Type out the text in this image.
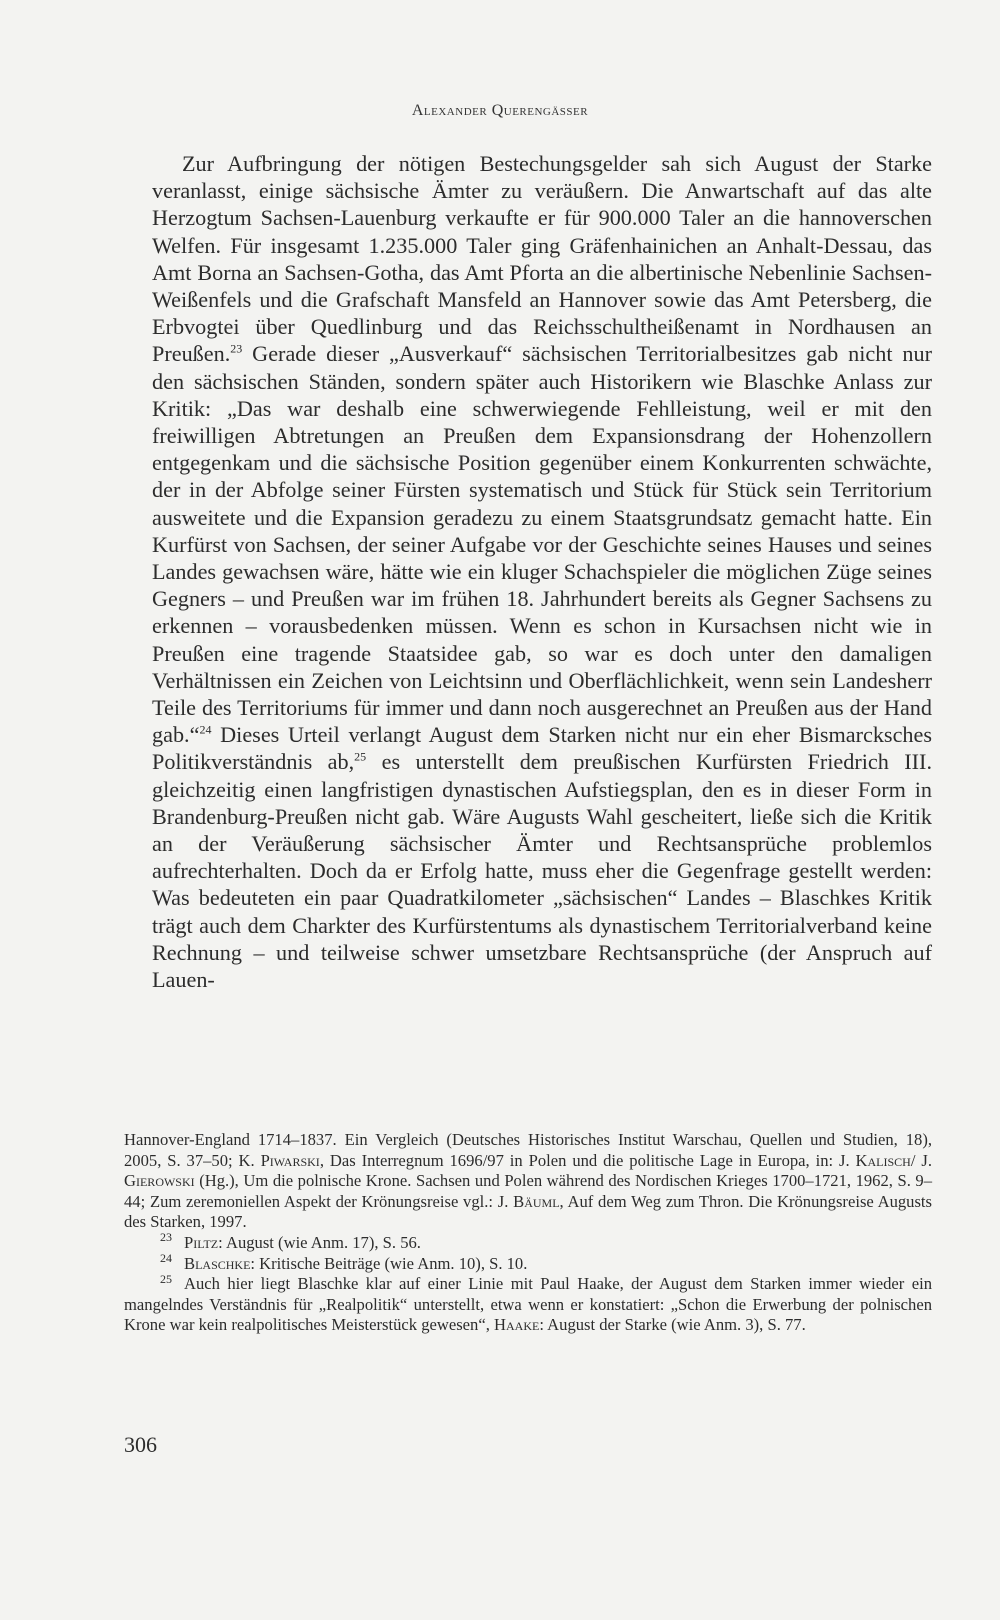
Alexander Querengässer

Zur Aufbringung der nötigen Bestechungsgelder sah sich August der Starke veranlasst, einige sächsische Ämter zu veräußern. Die Anwartschaft auf das alte Herzogtum Sachsen-Lauenburg verkaufte er für 900.000 Taler an die hannoverschen Welfen. Für insgesamt 1.235.000 Taler ging Gräfenhainichen an Anhalt-Dessau, das Amt Borna an Sachsen-Gotha, das Amt Pforta an die albertinische Nebenlinie Sachsen-Weißenfels und die Grafschaft Mansfeld an Hannover sowie das Amt Petersberg, die Erbvogtei über Quedlinburg und das Reichsschultheißenamt in Nordhausen an Preußen.$^{23}$ Gerade dieser „Ausverkauf“ sächsischen Territorialbesitzes gab nicht nur den sächsischen Ständen, sondern später auch Historikern wie Blaschke Anlass zur Kritik: „Das war deshalb eine schwerwiegende Fehlleistung, weil er mit den freiwilligen Abtretungen an Preußen dem Expansionsdrang der Hohenzollern entgegenkam und die sächsische Position gegenüber einem Konkurrenten schwächte, der in der Abfolge seiner Fürsten systematisch und Stück für Stück sein Territorium ausweitete und die Expansion geradezu zu einem Staatsgrundsatz gemacht hatte. Ein Kurfürst von Sachsen, der seiner Aufgabe vor der Geschichte seines Hauses und seines Landes gewachsen wäre, hätte wie ein kluger Schachspieler die möglichen Züge seines Gegners – und Preußen war im frühen 18. Jahrhundert bereits als Gegner Sachsens zu erkennen – vorausbedenken müssen. Wenn es schon in Kursachsen nicht wie in Preußen eine tragende Staatsidee gab, so war es doch unter den damaligen Verhältnissen ein Zeichen von Leichtsinn und Oberflächlichkeit, wenn sein Landesherr Teile des Territoriums für immer und dann noch ausgerechnet an Preußen aus der Hand gab.“$^{24}$ Dieses Urteil verlangt August dem Starken nicht nur ein eher Bismarcksches Politikverständnis ab,$^{25}$ es unterstellt dem preußischen Kurfürsten Friedrich III. gleichzeitig einen langfristigen dynastischen Aufstiegsplan, den es in dieser Form in Brandenburg-Preußen nicht gab. Wäre Augusts Wahl gescheitert, ließe sich die Kritik an der Veräußerung sächsischer Ämter und Rechtsansprüche problemlos aufrechterhalten. Doch da er Erfolg hatte, muss eher die Gegenfrage gestellt werden: Was bedeuteten ein paar Quadratkilometer „sächsischen“ Landes – Blaschkes Kritik trägt auch dem Charkter des Kurfürstentums als dynastischem Territorialverband keine Rechnung – und teilweise schwer umsetzbare Rechtsansprüche (der Anspruch auf Lauen-

Hannover-England 1714–1837. Ein Vergleich (Deutsches Historisches Institut Warschau, Quellen und Studien, 18), 2005, S. 37–50; K. Piwarski, Das Interregnum 1696/97 in Polen und die politische Lage in Europa, in: J. Kalisch/ J. Gierowski (Hg.), Um die polnische Krone. Sachsen und Polen während des Nordischen Krieges 1700–1721, 1962, S. 9–44; Zum zeremoniellen Aspekt der Krönungsreise vgl.: J. Bäuml, Auf dem Weg zum Thron. Die Krönungsreise Augusts des Starken, 1997.

23 Piltz: August (wie Anm. 17), S. 56.

24 Blaschke: Kritische Beiträge (wie Anm. 10), S. 10.

25 Auch hier liegt Blaschke klar auf einer Linie mit Paul Haake, der August dem Starken immer wieder ein mangelndes Verständnis für „Realpolitik“ unterstellt, etwa wenn er konstatiert: „Schon die Erwerbung der polnischen Krone war kein realpolitisches Meisterstück gewesen“, Haake: August der Starke (wie Anm. 3), S. 77.

306
